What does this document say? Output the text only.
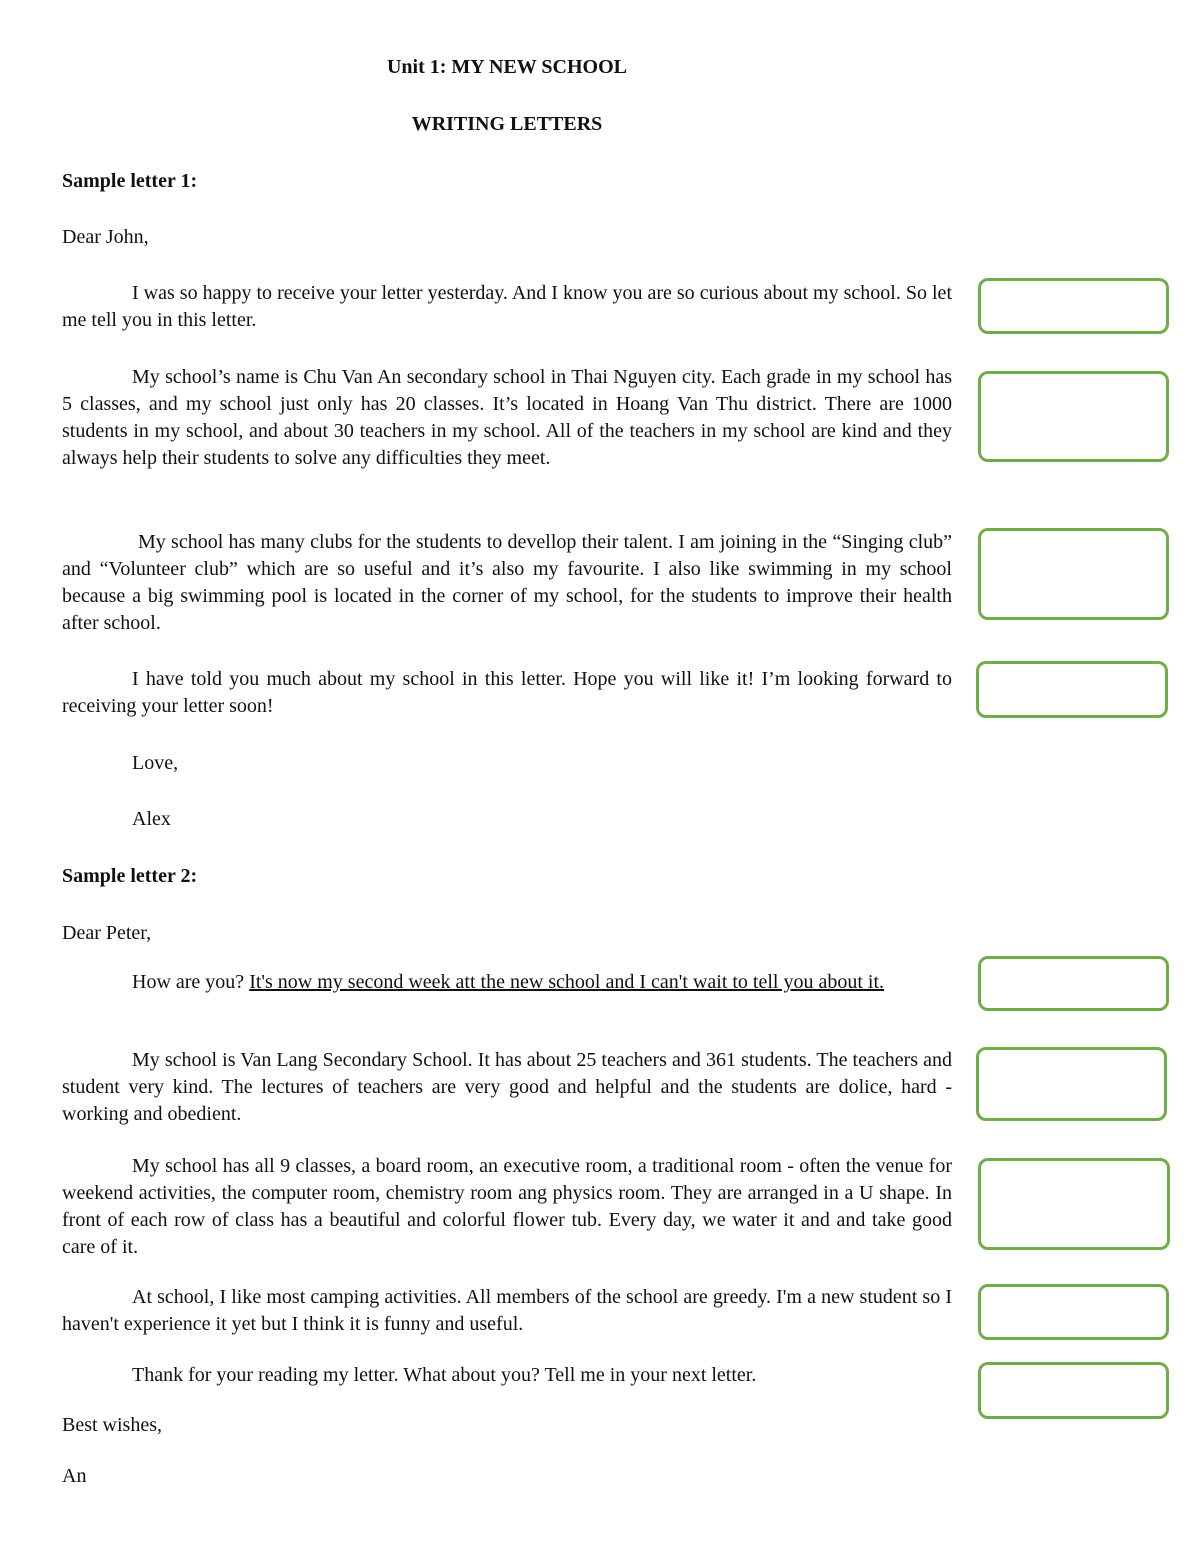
Unit 1: MY NEW SCHOOL
WRITING LETTERS
Sample letter 1:
Dear John,

I was so happy to receive your letter yesterday. And I know you are so curious about my school. So let me tell you in this letter.

My school’s name is Chu Van An secondary school in Thai Nguyen city. Each grade in my school has 5 classes, and my school just only has 20 classes. It’s located in Hoang Van Thu district. There are 1000 students in my school, and about 30 teachers in my school. All of the teachers in my school are kind and they always help their students to solve any difficulties they meet.

My school has many clubs for the students to devellop their talent. I am joining in the “Singing club” and “Volunteer club” which are so useful and it’s also my favourite. I also like swimming in my school because a big swimming pool is located in the corner of my school, for the students to improve their health after school.

I have told you much about my school in this letter. Hope you will like it! I’m looking forward to receiving your letter soon!

Love,
Alex
Sample letter 2:
Dear Peter,

How are you? It's now my second week att the new school and I can't wait to tell you about it.

My school is Van Lang Secondary School. It has about 25 teachers and 361 students. The teachers and student very kind. The lectures of teachers are very good and helpful and the students are dolice, hard - working and obedient.

My school has all 9 classes, a board room, an executive room, a traditional room - often the venue for weekend activities, the computer room, chemistry room ang physics room. They are arranged in a U shape. In front of each row of class has a beautiful and colorful flower tub. Every day, we water it and and take good care of it.

At school, I like most camping activities. All members of the school are greedy. I'm a new student so I haven't experience it yet but I think it is funny and useful.

Thank for your reading my letter. What about you? Tell me in your next letter.

Best wishes,
An
